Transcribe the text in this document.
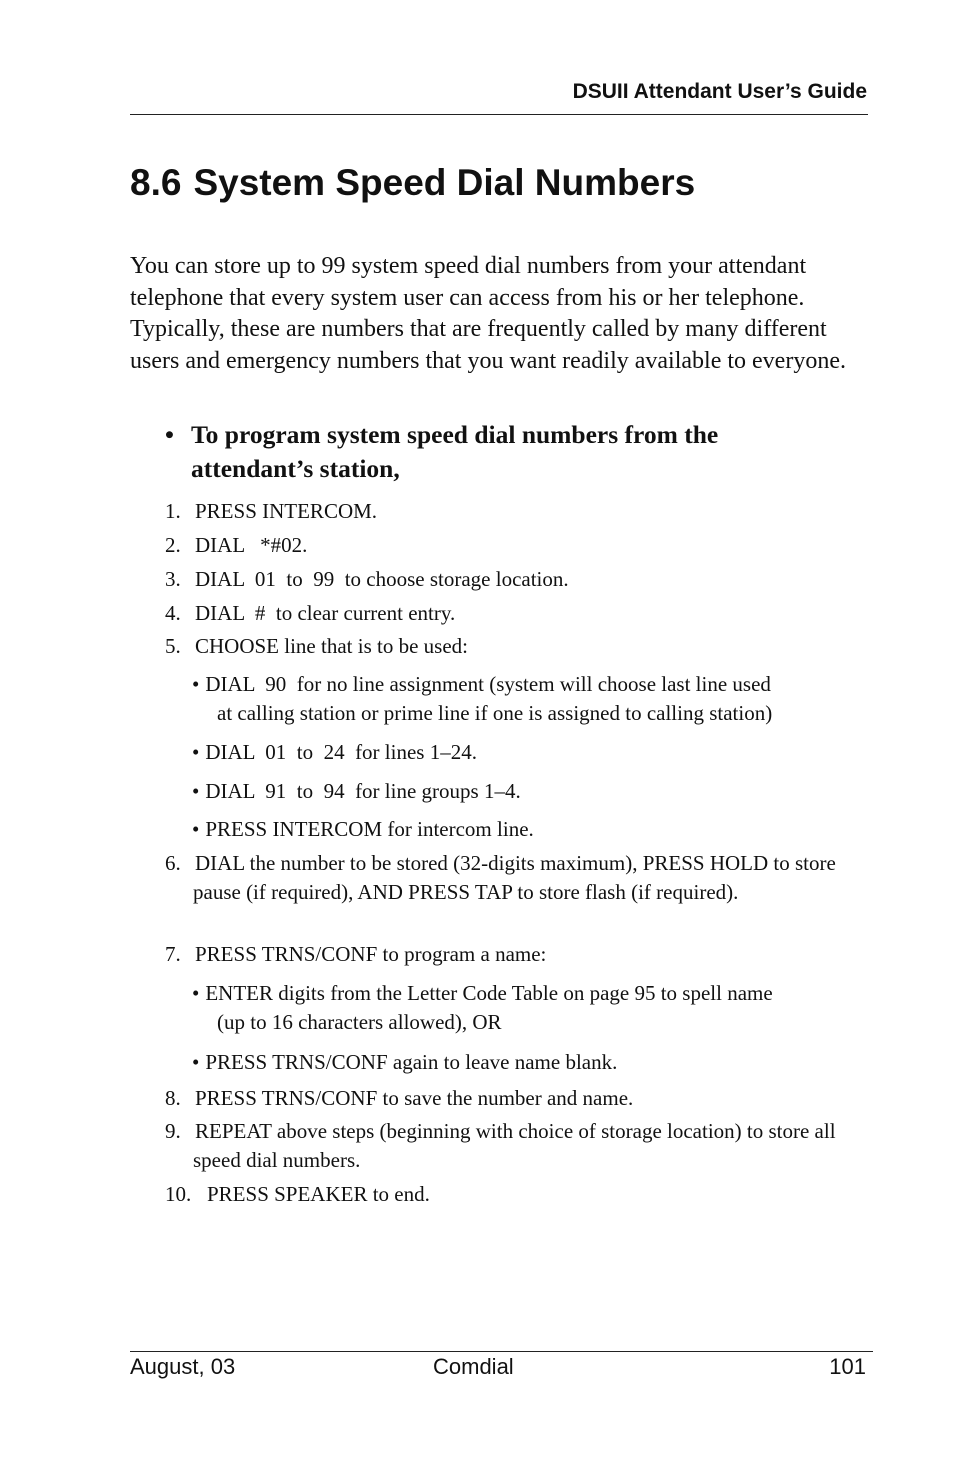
DSUII Attendant User’s Guide
8.6 System Speed Dial Numbers

You can store up to 99 system speed dial numbers from your attendant telephone that every system user can access from his or her telephone. Typically, these are numbers that are frequently called by many different users and emergency numbers that you want readily available to everyone.

• To program system speed dial numbers from the attendant’s station,
1. PRESS INTERCOM.
2. DIAL   *#02.
3. DIAL  01  to  99  to choose storage location.
4. DIAL  #  to clear current entry.
5. CHOOSE line that is to be used:
• DIAL  90  for no line assignment (system will choose last line used
at calling station or prime line if one is assigned to calling station)
• DIAL  01  to  24  for lines 1–24.
• DIAL  91  to  94  for line groups 1–4.
• PRESS INTERCOM for intercom line.
6. DIAL the number to be stored (32-digits maximum), PRESS HOLD to store pause (if required), AND PRESS TAP to store flash (if required).
7. PRESS TRNS/CONF to program a name:
• ENTER digits from the Letter Code Table on page 95 to spell name
(up to 16 characters allowed), OR
• PRESS TRNS/CONF again to leave name blank.
8. PRESS TRNS/CONF to save the number and name.
9. REPEAT above steps (beginning with choice of storage location) to store all speed dial numbers.
10. PRESS SPEAKER to end.
August, 03	Comdial	101
